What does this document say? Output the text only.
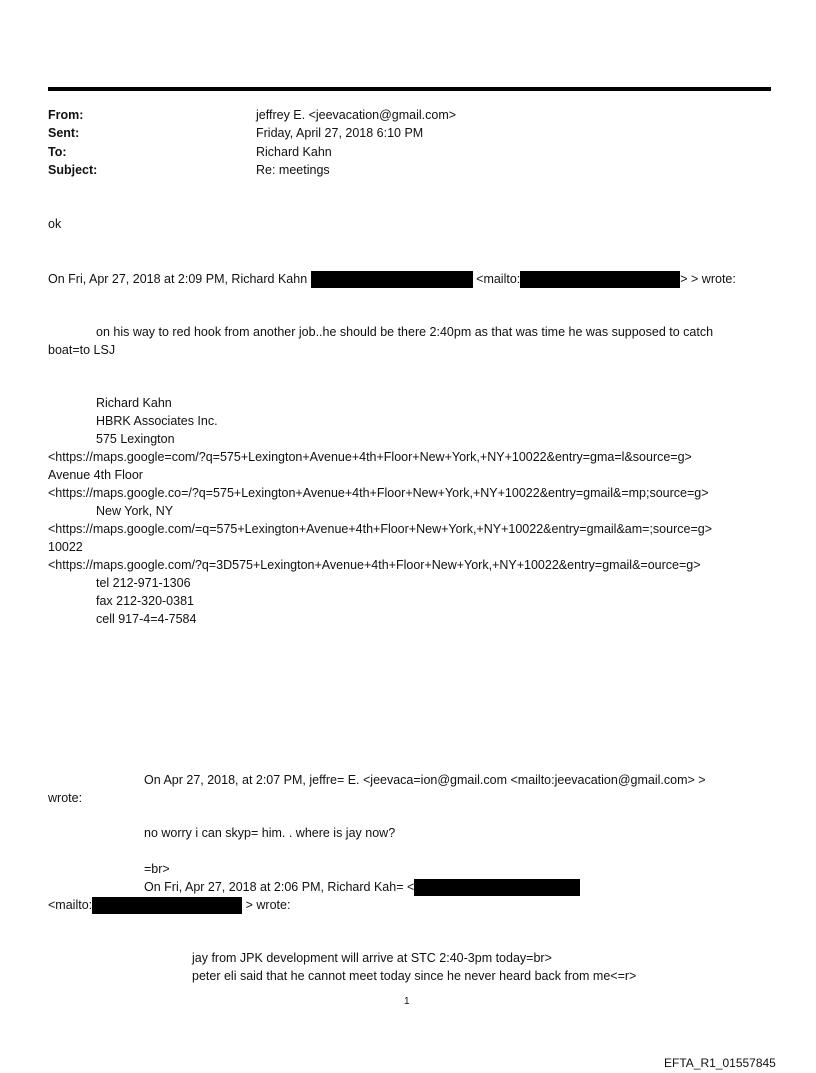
From:	jeffrey E. <jeevacation@gmail.com>
Sent:	Friday, April 27, 2018 6:10 PM
To:	Richard Kahn
Subject:	Re: meetings
ok
On Fri, Apr 27, 2018 at 2:09 PM, Richard Kahn	<mailto:	> > wrote:
on his way to red hook from another job..he should be there 2:40pm as that was time he was supposed to catch
boat=to LSJ
Richard Kahn
HBRK Associates Inc.
575 Lexington
<https://maps.google=com/?q=575+Lexington+Avenue+4th+Floor+New+York,+NY+10022&entry=gma=l&source=g>
Avenue 4th Floor
<https://maps.google.co=/?q=575+Lexington+Avenue+4th+Floor+New+York,+NY+10022&entry=gmail&=mp;source=g>
New York, NY
<https://maps.google.com/=q=575+Lexington+Avenue+4th+Floor+New+York,+NY+10022&entry=gmail&am=;source=g>
10022
<https://maps.google.com/?q=3D575+Lexington+Avenue+4th+Floor+New+York,+NY+10022&entry=gmail&=ource=g>
tel 212-971-1306
fax 212-320-0381
cell 917-4=4-7584
On Apr 27, 2018, at 2:07 PM, jeffre= E. <jeevaca=ion@gmail.com <mailto:jeevacation@gmail.com> >
wrote:
no worry i can skyp= him. . where is jay now?
=br>
On Fri, Apr 27, 2018 at 2:06 PM, Richard Kah= <
<mailto:	> wrote:
jay from JPK development will arrive at STC 2:40-3pm today=br>
peter eli said that he cannot meet today since he never heard back from me<=r>
1
EFTA_R1_01557845
